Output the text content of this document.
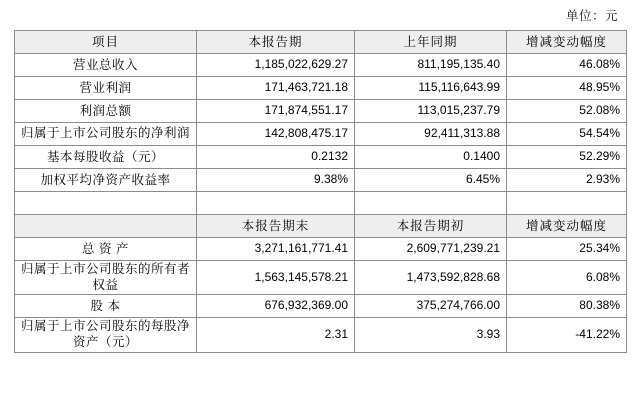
单位：元
项目	本报告期	上年同期	增减变动幅度
营业总收入	1,185,022,629.27	811,195,135.40	46.08%
营业利润	171,463,721.18	115,116,643.99	48.95%
利润总额	171,874,551.17	113,015,237.79	52.08%
归属于上市公司股东的净利润	142,808,475.17	92,411,313.88	54.54%
基本每股收益（元）	0.2132	0.1400	52.29%
加权平均净资产收益率	9.38%	6.45%	2.93%

	本报告期末	本报告期初	增减变动幅度
总 资 产	3,271,161,771.41	2,609,771,239.21	25.34%
归属于上市公司股东的所有者权益	1,563,145,578.21	1,473,592,828.68	6.08%
股 本	676,932,369.00	375,274,766.00	80.38%
归属于上市公司股东的每股净资产（元）	2.31	3.93	-41.22%
